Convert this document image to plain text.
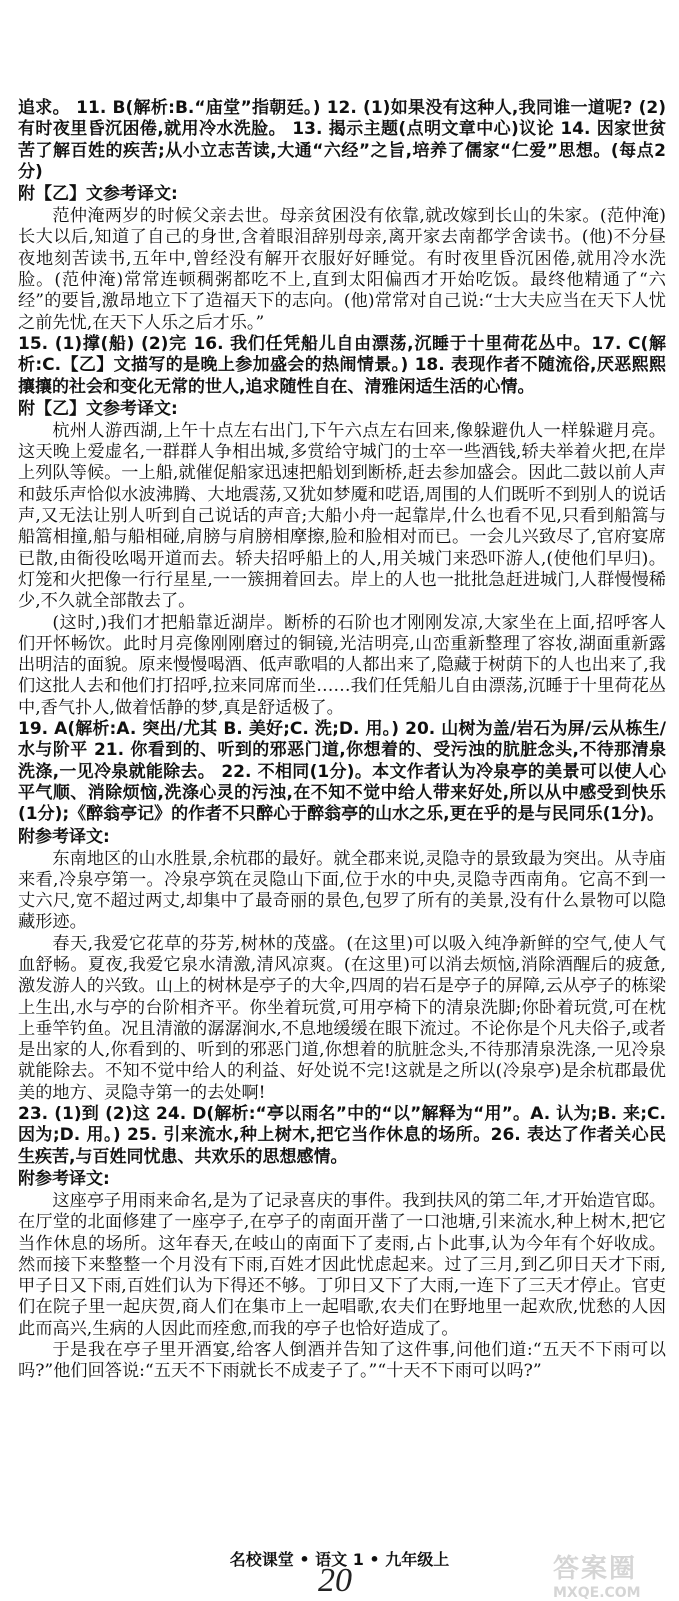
追求。 11. B(解析:B.“庙堂”指朝廷。) 12. (1)如果没有这种人,我同谁一道呢? (2)有时夜里昏沉困倦,就用冷水洗脸。 13. 揭示主题(点明文章中心)议论 14. 因家世贫苦了解百姓的疾苦;从小立志苦读,大通“六经”之旨,培养了儒家“仁爱”思想。(每点2分)

附【乙】文参考译文:

范仲淹两岁的时候父亲去世。母亲贫困没有依靠,就改嫁到长山的朱家。(范仲淹)长大以后,知道了自己的身世,含着眼泪辞别母亲,离开家去南都学舍读书。(他)不分昼夜地刻苦读书,五年中,曾经没有解开衣服好好睡觉。有时夜里昏沉困倦,就用冷水洗脸。(范仲淹)常常连顿稠粥都吃不上,直到太阳偏西才开始吃饭。最终他精通了“六经”的要旨,激昂地立下了造福天下的志向。(他)常常对自己说:“士大夫应当在天下人忧之前先忧,在天下人乐之后才乐。”

15. (1)撑(船) (2)完 16. 我们任凭船儿自由漂荡,沉睡于十里荷花丛中。17. C(解析:C.【乙】文描写的是晚上参加盛会的热闹情景。) 18. 表现作者不随流俗,厌恶熙熙攘攘的社会和变化无常的世人,追求随性自在、清雅闲适生活的心情。

附【乙】文参考译文:

杭州人游西湖,上午十点左右出门,下午六点左右回来,像躲避仇人一样躲避月亮。这天晚上爱虚名,一群群人争相出城,多赏给守城门的士卒一些酒钱,轿夫举着火把,在岸上列队等候。一上船,就催促船家迅速把船划到断桥,赶去参加盛会。因此二鼓以前人声和鼓乐声恰似水波沸腾、大地震荡,又犹如梦魇和呓语,周围的人们既听不到别人的说话声,又无法让别人听到自己说话的声音;大船小舟一起靠岸,什么也看不见,只看到船篙与船篙相撞,船与船相碰,肩膀与肩膀相摩擦,脸和脸相对而已。一会儿兴致尽了,官府宴席已散,由衙役吆喝开道而去。轿夫招呼船上的人,用关城门来恐吓游人,(使他们早归)。灯笼和火把像一行行星星,一一簇拥着回去。岸上的人也一批批急赶进城门,人群慢慢稀少,不久就全部散去了。

(这时,)我们才把船靠近湖岸。断桥的石阶也才刚刚发凉,大家坐在上面,招呼客人们开怀畅饮。此时月亮像刚刚磨过的铜镜,光洁明亮,山峦重新整理了容妆,湖面重新露出明洁的面貌。原来慢慢喝酒、低声歌唱的人都出来了,隐藏于树荫下的人也出来了,我们这批人去和他们打招呼,拉来同席而坐……我们任凭船儿自由漂荡,沉睡于十里荷花丛中,香气扑人,做着恬静的梦,真是舒适极了。

19. A(解析:A. 突出/尤其 B. 美好;C. 洗;D. 用。) 20. 山树为盖/岩石为屏/云从栋生/水与阶平 21. 你看到的、听到的邪恶门道,你想着的、受污浊的肮脏念头,不待那清泉洗涤,一见冷泉就能除去。 22. 不相同(1分)。本文作者认为冷泉亭的美景可以使人心平气顺、消除烦恼,洗涤心灵的污浊,在不知不觉中给人带来好处,所以从中感受到快乐(1分);《醉翁亭记》的作者不只醉心于醉翁亭的山水之乐,更在乎的是与民同乐(1分)。

附参考译文:

东南地区的山水胜景,余杭郡的最好。就全郡来说,灵隐寺的景致最为突出。从寺庙来看,冷泉亭第一。冷泉亭筑在灵隐山下面,位于水的中央,灵隐寺西南角。它高不到一丈六尺,宽不超过两丈,却集中了最奇丽的景色,包罗了所有的美景,没有什么景物可以隐藏形迹。

春天,我爱它花草的芬芳,树林的茂盛。(在这里)可以吸入纯净新鲜的空气,使人气血舒畅。夏夜,我爱它泉水清激,清风凉爽。(在这里)可以消去烦恼,消除酒醒后的疲惫,激发游人的兴致。山上的树林是亭子的大伞,四周的岩石是亭子的屏障,云从亭子的栋梁上生出,水与亭的台阶相齐平。你坐着玩赏,可用亭椅下的清泉洗脚;你卧着玩赏,可在枕上垂竿钓鱼。况且清澈的潺潺涧水,不息地缓缓在眼下流过。不论你是个凡夫俗子,或者是出家的人,你看到的、听到的邪恶门道,你想着的肮脏念头,不待那清泉洗涤,一见冷泉就能除去。不知不觉中给人的利益、好处说不完!这就是之所以(冷泉亭)是余杭郡最优美的地方、灵隐寺第一的去处啊!

23. (1)到 (2)这 24. D(解析:“亭以雨名”中的“以”解释为“用”。A. 认为;B. 来;C. 因为;D. 用。) 25. 引来流水,种上树木,把它当作休息的场所。26. 表达了作者关心民生疾苦,与百姓同忧患、共欢乐的思想感情。

附参考译文:

这座亭子用雨来命名,是为了记录喜庆的事件。我到扶风的第二年,才开始造官邸。在厅堂的北面修建了一座亭子,在亭子的南面开凿了一口池塘,引来流水,种上树木,把它当作休息的场所。这年春天,在岐山的南面下了麦雨,占卜此事,认为今年有个好收成。然而接下来整整一个月没有下雨,百姓才因此忧虑起来。过了三月,到乙卯日天才下雨,甲子日又下雨,百姓们认为下得还不够。丁卯日又下了大雨,一连下了三天才停止。官吏们在院子里一起庆贺,商人们在集市上一起唱歌,农夫们在野地里一起欢欣,忧愁的人因此而高兴,生病的人因此而痊愈,而我的亭子也恰好造成了。

于是我在亭子里开酒宴,给客人倒酒并告知了这件事,问他们道:“五天不下雨可以吗?”他们回答说:“五天不下雨就长不成麦子了。”“十天不下雨可以吗?”

名校课堂 • 语文 1 • 九年级上
20	答案圈
MXQE.COM
